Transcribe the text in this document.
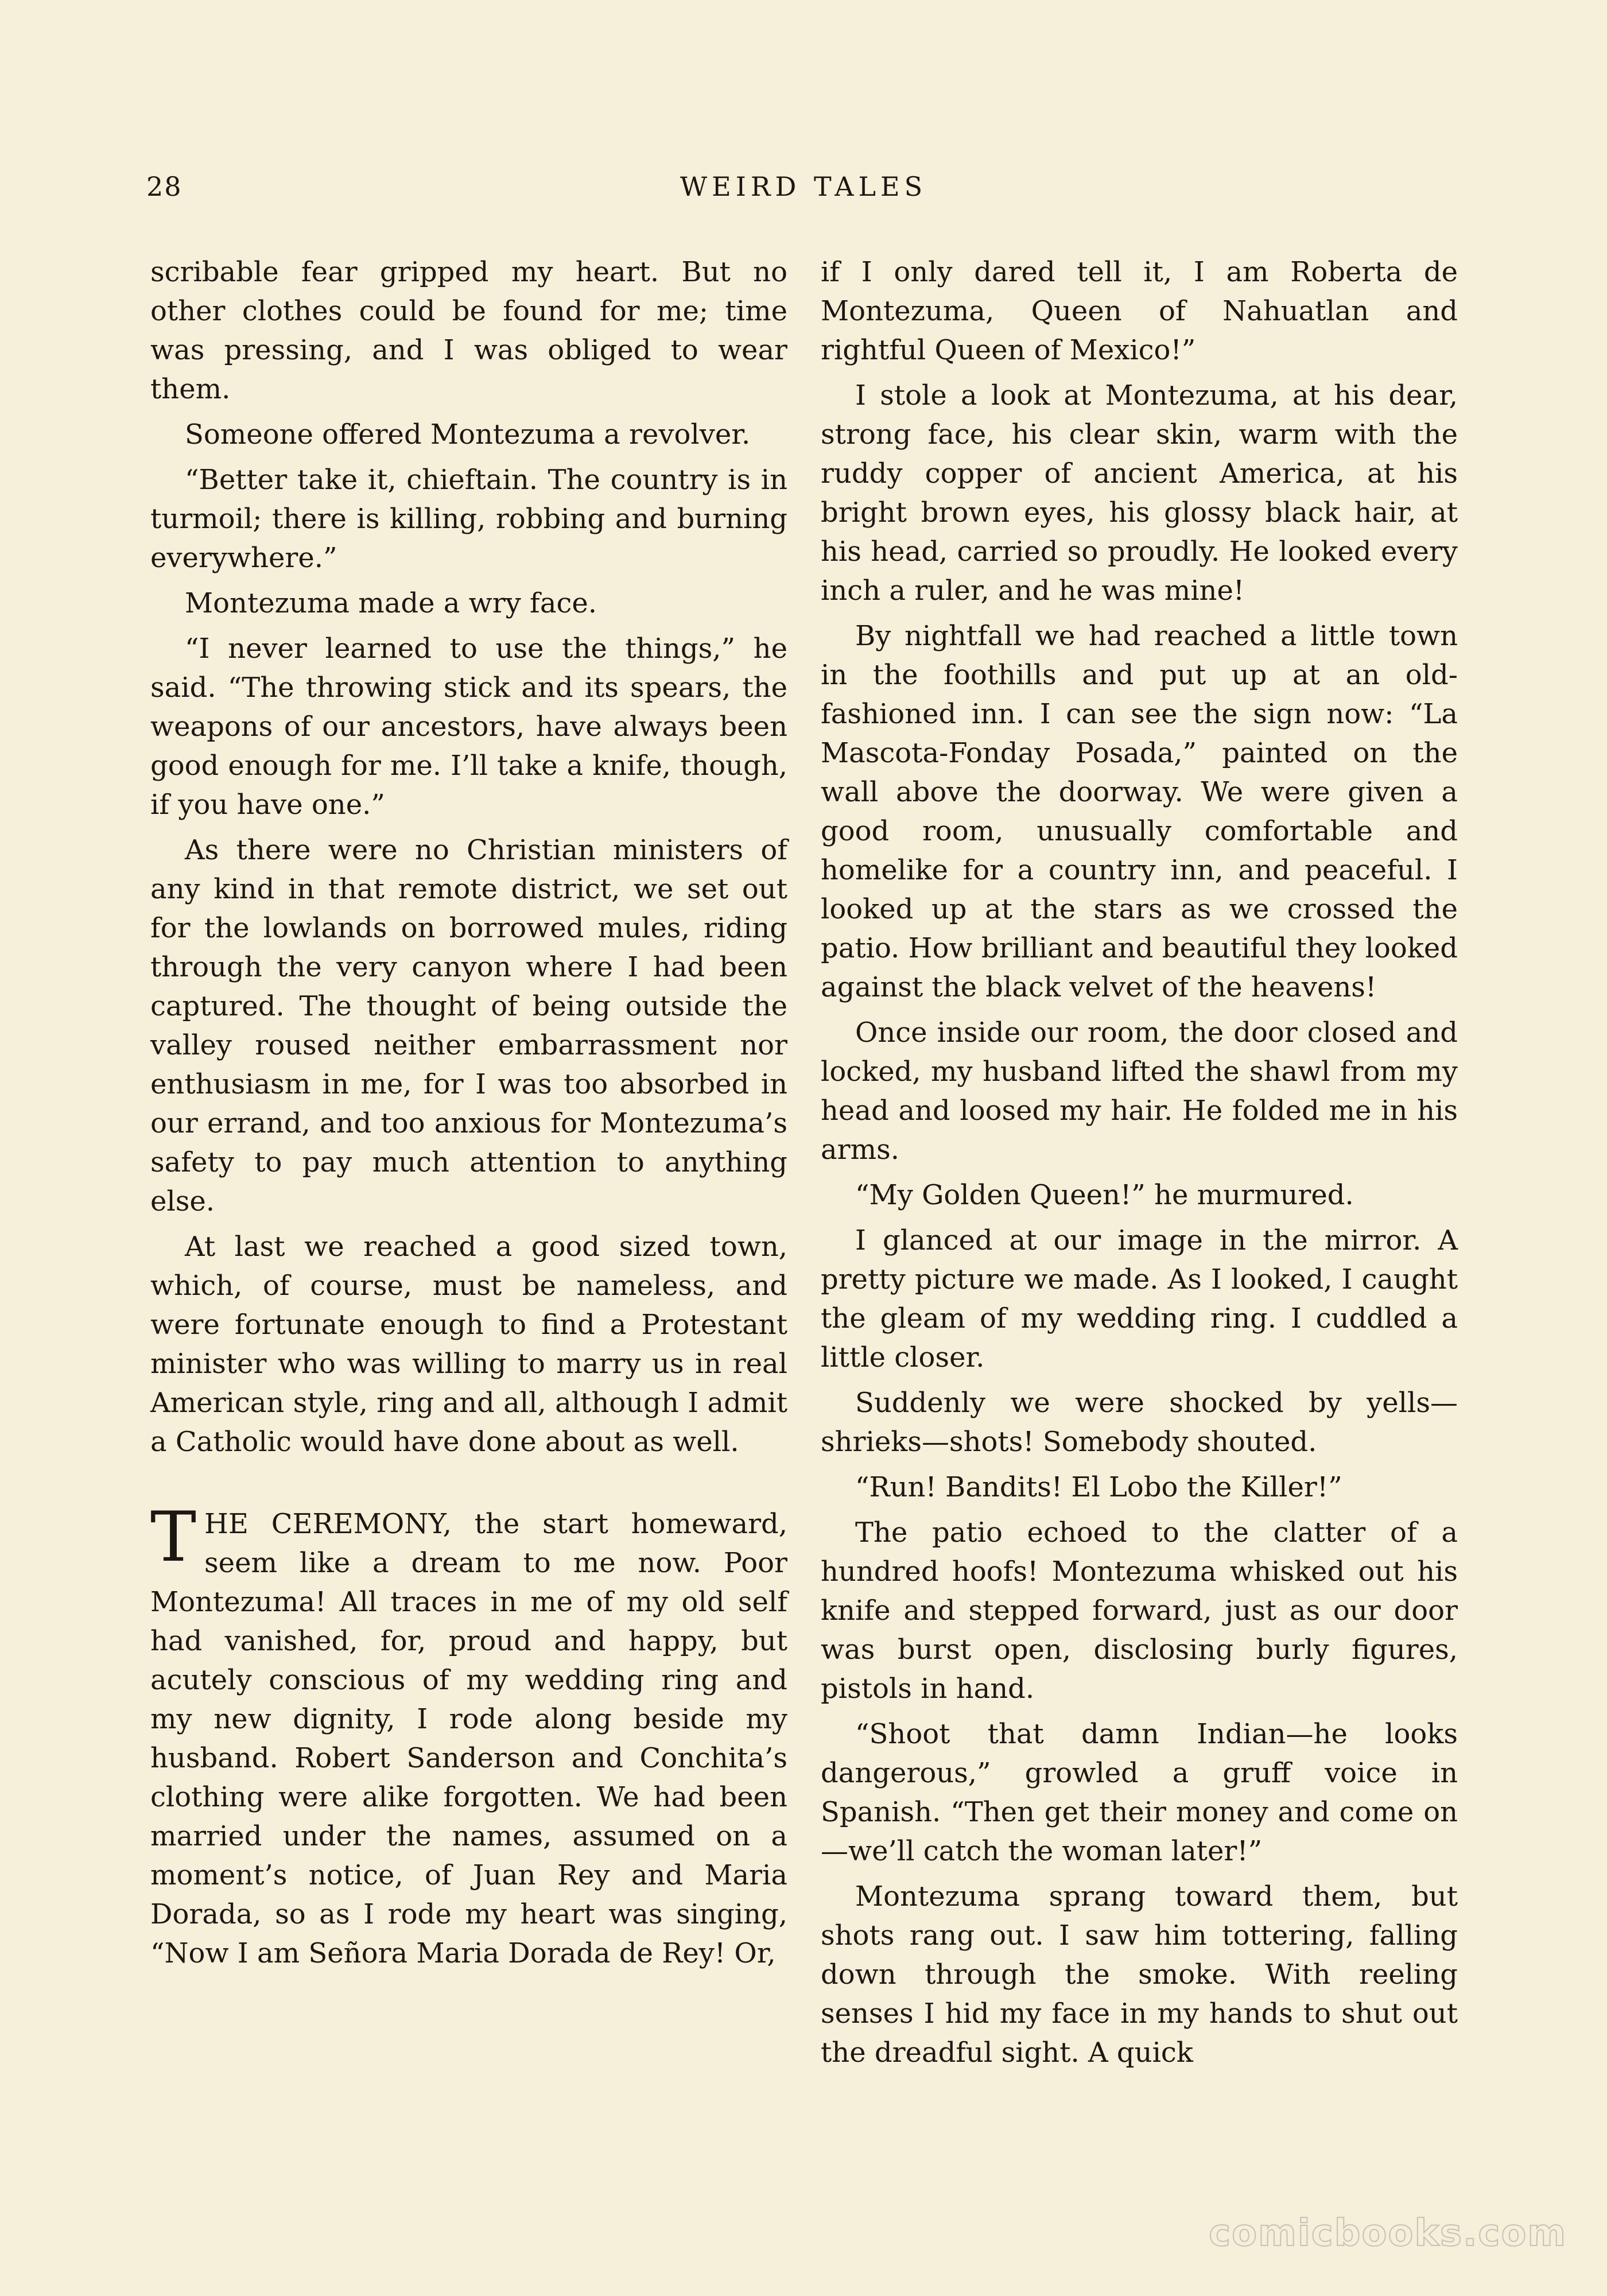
28	WEIRD TALES

scribable fear gripped my heart. But no other clothes could be found for me; time was pressing, and I was obliged to wear them.

Someone offered Montezuma a revolver.

“Better take it, chieftain. The country is in turmoil; there is killing, robbing and burning everywhere.”

Montezuma made a wry face.

“I never learned to use the things,” he said. “The throwing stick and its spears, the weapons of our ancestors, have always been good enough for me. I’ll take a knife, though, if you have one.”

As there were no Christian ministers of any kind in that remote district, we set out for the lowlands on borrowed mules, riding through the very canyon where I had been captured. The thought of being outside the valley roused neither embarrassment nor enthusiasm in me, for I was too absorbed in our errand, and too anxious for Montezuma’s safety to pay much attention to anything else.

At last we reached a good sized town, which, of course, must be nameless, and were fortunate enough to find a Protestant minister who was willing to marry us in real American style, ring and all, although I admit a Catholic would have done about as well.

THE CEREMONY, the start homeward, seem like a dream to me now. Poor Montezuma! All traces in me of my old self had vanished, for, proud and happy, but acutely conscious of my wedding ring and my new dignity, I rode along beside my husband. Robert Sanderson and Conchita’s clothing were alike forgotten. We had been married under the names, assumed on a moment’s notice, of Juan Rey and Maria Dorada, so as I rode my heart was singing, “Now I am Señora Maria Dorada de Rey! Or,

if I only dared tell it, I am Roberta de Montezuma, Queen of Nahuatlan and rightful Queen of Mexico!”

I stole a look at Montezuma, at his dear, strong face, his clear skin, warm with the ruddy copper of ancient America, at his bright brown eyes, his glossy black hair, at his head, carried so proudly. He looked every inch a ruler, and he was mine!

By nightfall we had reached a little town in the foothills and put up at an old-fashioned inn. I can see the sign now: “La Mascota-Fonday Posada,” painted on the wall above the doorway. We were given a good room, unusually comfortable and homelike for a country inn, and peaceful. I looked up at the stars as we crossed the patio. How brilliant and beautiful they looked against the black velvet of the heavens!

Once inside our room, the door closed and locked, my husband lifted the shawl from my head and loosed my hair. He folded me in his arms.

“My Golden Queen!” he murmured.

I glanced at our image in the mirror. A pretty picture we made. As I looked, I caught the gleam of my wedding ring. I cuddled a little closer.

Suddenly we were shocked by yells—shrieks—shots! Somebody shouted.

“Run! Bandits! El Lobo the Killer!”

The patio echoed to the clatter of a hundred hoofs! Montezuma whisked out his knife and stepped forward, just as our door was burst open, disclosing burly figures, pistols in hand.

“Shoot that damn Indian—he looks dangerous,” growled a gruff voice in Spanish. “Then get their money and come on—we’ll catch the woman later!”

Montezuma sprang toward them, but shots rang out. I saw him tottering, falling down through the smoke. With reeling senses I hid my face in my hands to shut out the dreadful sight. A quick

comicbooks.com
